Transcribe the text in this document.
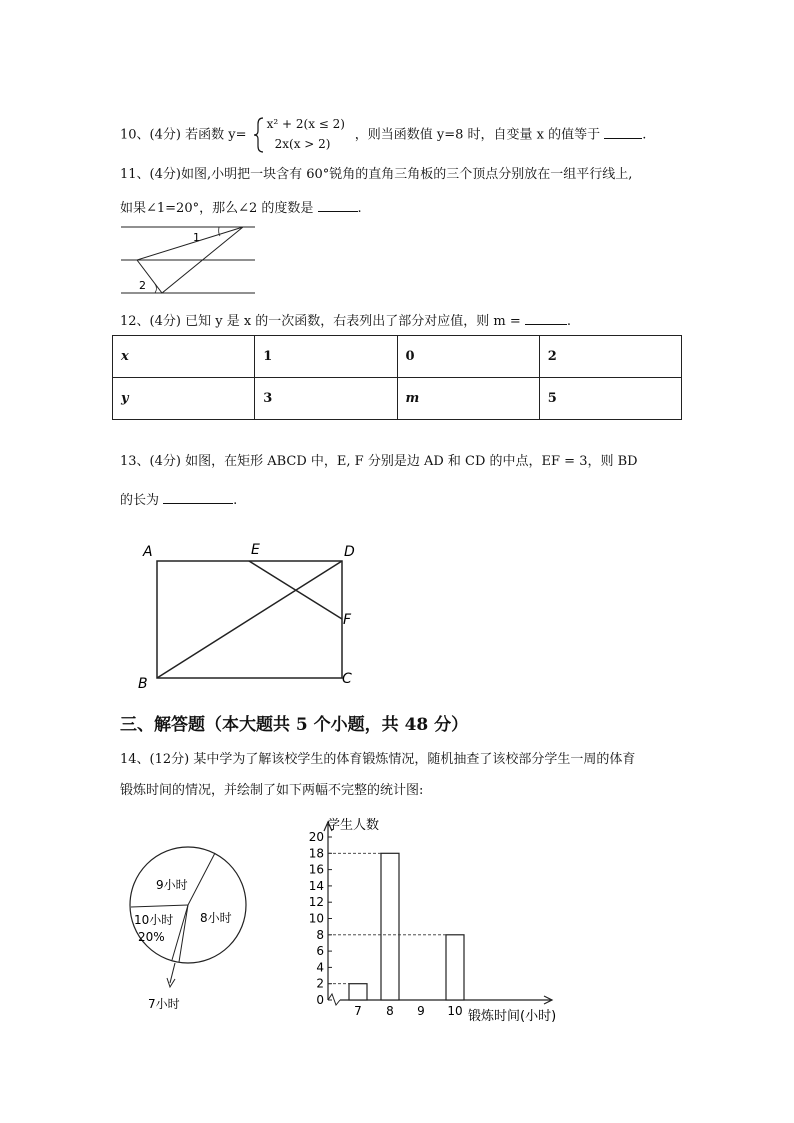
10、(4分) 若函数 y=
x² + 2(x ≤ 2)
2x(x > 2)
，则当函数值 y=8 时，自变量 x 的值等于	.
11、(4分)如图,小明把一块含有 60°锐角的直角三角板的三个顶点分别放在一组平行线上,
如果∠1=20°，那么∠2 的度数是	.
1
2
12、(4分) 已知 y 是 x 的一次函数，右表列出了部分对应值，则 m =	.
x	1	0	2
y	3	m	5
13、(4分) 如图，在矩形 ABCD 中，E, F 分别是边 AD 和 CD 的中点，EF = 3，则 BD
的长为	.
A	E	D
F
B	C
三、解答题（本大题共 5 个小题，共 48 分）
14、(12分) 某中学为了解该校学生的体育锻炼情况，随机抽查了该校部分学生一周的体育
锻炼时间的情况，并绘制了如下两幅不完整的统计图:
9小时
8小时
10小时
20%
7小时	0
2
4
6
8
10
12
14
16
18
20
7 8 9 10
学生人数
锻炼时间(小时)
